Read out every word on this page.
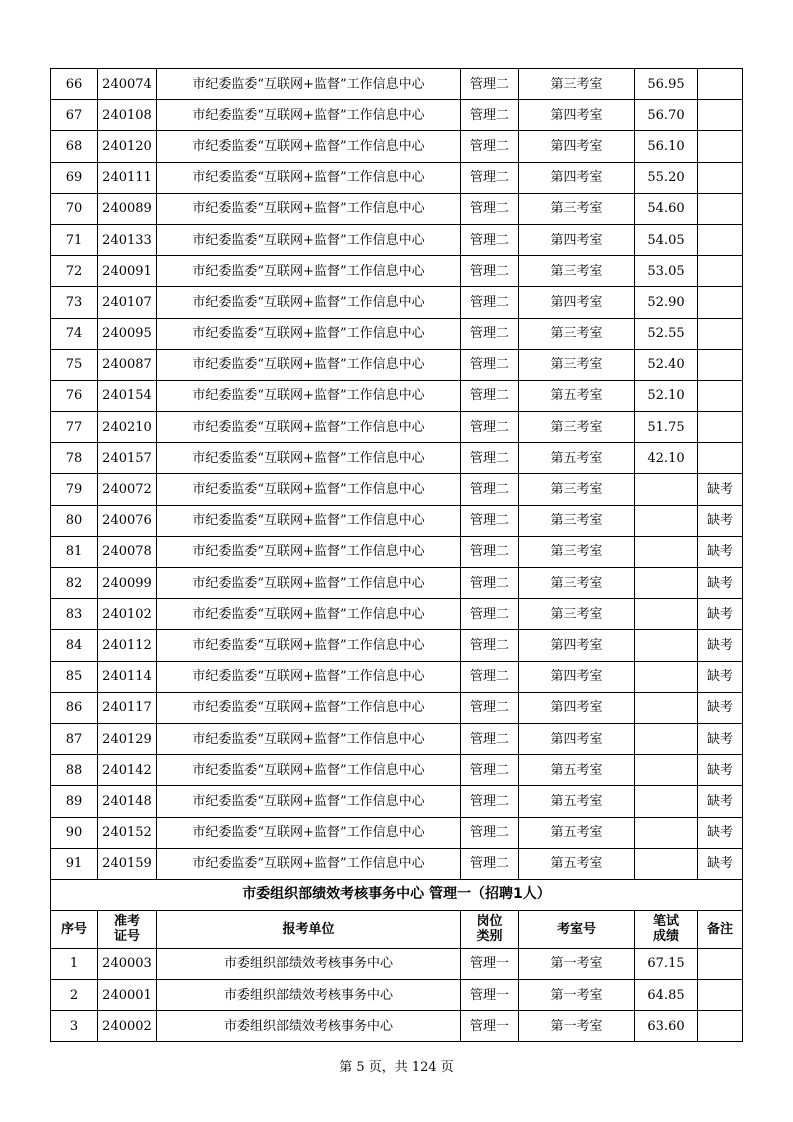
66	240074	市纪委监委“互联网+监督”工作信息中心	管理二	第三考室	56.95	
67	240108	市纪委监委“互联网+监督”工作信息中心	管理二	第四考室	56.70	
68	240120	市纪委监委“互联网+监督”工作信息中心	管理二	第四考室	56.10	
69	240111	市纪委监委“互联网+监督”工作信息中心	管理二	第四考室	55.20	
70	240089	市纪委监委“互联网+监督”工作信息中心	管理二	第三考室	54.60	
71	240133	市纪委监委“互联网+监督”工作信息中心	管理二	第四考室	54.05	
72	240091	市纪委监委“互联网+监督”工作信息中心	管理二	第三考室	53.05	
73	240107	市纪委监委“互联网+监督”工作信息中心	管理二	第四考室	52.90	
74	240095	市纪委监委“互联网+监督”工作信息中心	管理二	第三考室	52.55	
75	240087	市纪委监委“互联网+监督”工作信息中心	管理二	第三考室	52.40	
76	240154	市纪委监委“互联网+监督”工作信息中心	管理二	第五考室	52.10	
77	240210	市纪委监委“互联网+监督”工作信息中心	管理二	第三考室	51.75	
78	240157	市纪委监委“互联网+监督”工作信息中心	管理二	第五考室	42.10	
79	240072	市纪委监委“互联网+监督”工作信息中心	管理二	第三考室		缺考
80	240076	市纪委监委“互联网+监督”工作信息中心	管理二	第三考室		缺考
81	240078	市纪委监委“互联网+监督”工作信息中心	管理二	第三考室		缺考
82	240099	市纪委监委“互联网+监督”工作信息中心	管理二	第三考室		缺考
83	240102	市纪委监委“互联网+监督”工作信息中心	管理二	第三考室		缺考
84	240112	市纪委监委“互联网+监督”工作信息中心	管理二	第四考室		缺考
85	240114	市纪委监委“互联网+监督”工作信息中心	管理二	第四考室		缺考
86	240117	市纪委监委“互联网+监督”工作信息中心	管理二	第四考室		缺考
87	240129	市纪委监委“互联网+监督”工作信息中心	管理二	第四考室		缺考
88	240142	市纪委监委“互联网+监督”工作信息中心	管理二	第五考室		缺考
89	240148	市纪委监委“互联网+监督”工作信息中心	管理二	第五考室		缺考
90	240152	市纪委监委“互联网+监督”工作信息中心	管理二	第五考室		缺考
91	240159	市纪委监委“互联网+监督”工作信息中心	管理二	第五考室		缺考
市委组织部绩效考核事务中心 管理一（招聘1人）						
序号	准考证号	报考单位	岗位类别	考室号	笔试成绩	备注
1	240003	市委组织部绩效考核事务中心	管理一	第一考室	67.15	
2	240001	市委组织部绩效考核事务中心	管理一	第一考室	64.85	
3	240002	市委组织部绩效考核事务中心	管理一	第一考室	63.60	
第 5 页，共 124 页
